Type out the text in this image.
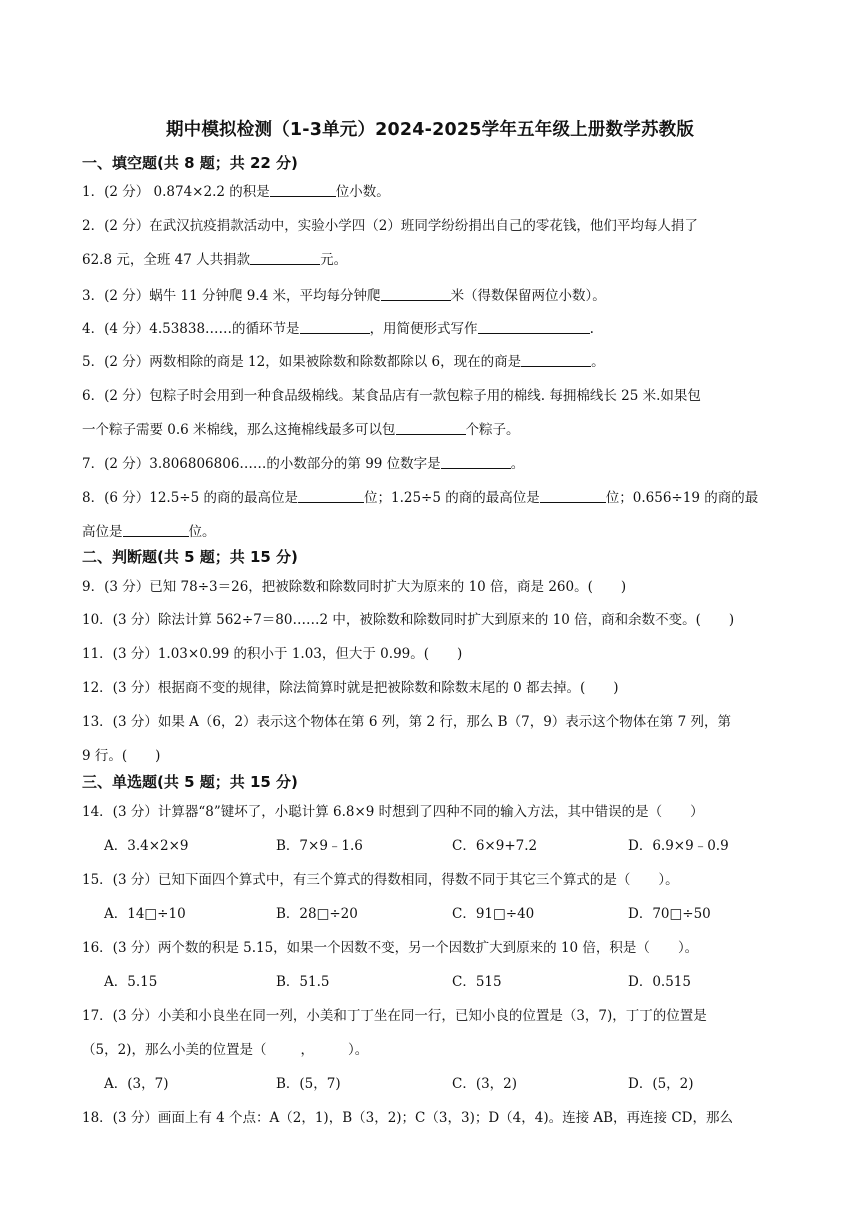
期中模拟检测（1-3单元）2024-2025学年五年级上册数学苏教版
一、填空题(共 8 题；共 22 分)
1．(2 分） 0.874×2.2 的积是	位小数。
2．(2 分）在武汉抗疫捐款活动中，实验小学四（2）班同学纷纷捐出自己的零花钱，他们平均每人捐了
62.8 元，全班 47 人共捐款	元。
3．(2 分）蜗牛 11 分钟爬 9.4 米，平均每分钟爬	米（得数保留两位小数）。
4．(4 分）4.53838……的循环节是	，用简便形式写作	.
5．(2 分）两数相除的商是 12，如果被除数和除数都除以 6，现在的商是	。
6．(2 分）包粽子时会用到一种食品级棉线。某食品店有一款包粽子用的棉线. 每拥棉线长 25 米.如果包
一个粽子需要 0.6 米棉线，那么这掩棉线最多可以包	个粽子。
7．(2 分）3.806806806……的小数部分的第 99 位数字是	。
8．(6 分）12.5÷5 的商的最高位是	位；1.25÷5 的商的最高位是	位；0.656÷19 的商的最
高位是	位。
二、判断题(共 5 题；共 15 分)
9．(3 分）已知 78÷3＝26，把被除数和除数同时扩大为原来的 10 倍，商是 260。( )
10．(3 分）除法计算 562÷7＝80……2 中，被除数和除数同时扩大到原来的 10 倍，商和余数不变。( )
11．(3 分）1.03×0.99 的积小于 1.03，但大于 0.99。( )
12．(3 分）根据商不变的规律，除法简算时就是把被除数和除数末尾的 0 都去掉。( )
13．(3 分）如果 A（6，2）表示这个物体在第 6 列，第 2 行，那么 B（7，9）表示这个物体在第 7 列，第
9 行。( )
三、单选题(共 5 题；共 15 分)
14．(3 分）计算器“8”键坏了，小聪计算 6.8×9 时想到了四种不同的输入方法，其中错误的是（ ）
A．3.4×2×9	B．7×9﹣1.6	C．6×9+7.2	D．6.9×9﹣0.9
15．(3 分）已知下面四个算式中，有三个算式的得数相同，得数不同于其它三个算式的是（ ）。
A．14□÷10	B．28□÷20	C．91□÷40	D．70□÷50
16．(3 分）两个数的积是 5.15，如果一个因数不变，另一个因数扩大到原来的 10 倍，积是（ ）。
A．5.15	B．51.5	C．515	D．0.515
17．(3 分）小美和小良坐在同一列，小美和丁丁坐在同一行，已知小良的位置是（3，7)，丁丁的位置是
（5，2)，那么小美的位置是（	，	）。
A．(3，7)	B．(5，7)	C．(3，2)	D．(5，2)
18．(3 分）画面上有 4 个点：A（2，1)，B（3，2)；C（3，3)；D（4，4)。连接 AB，再连接 CD，那么
